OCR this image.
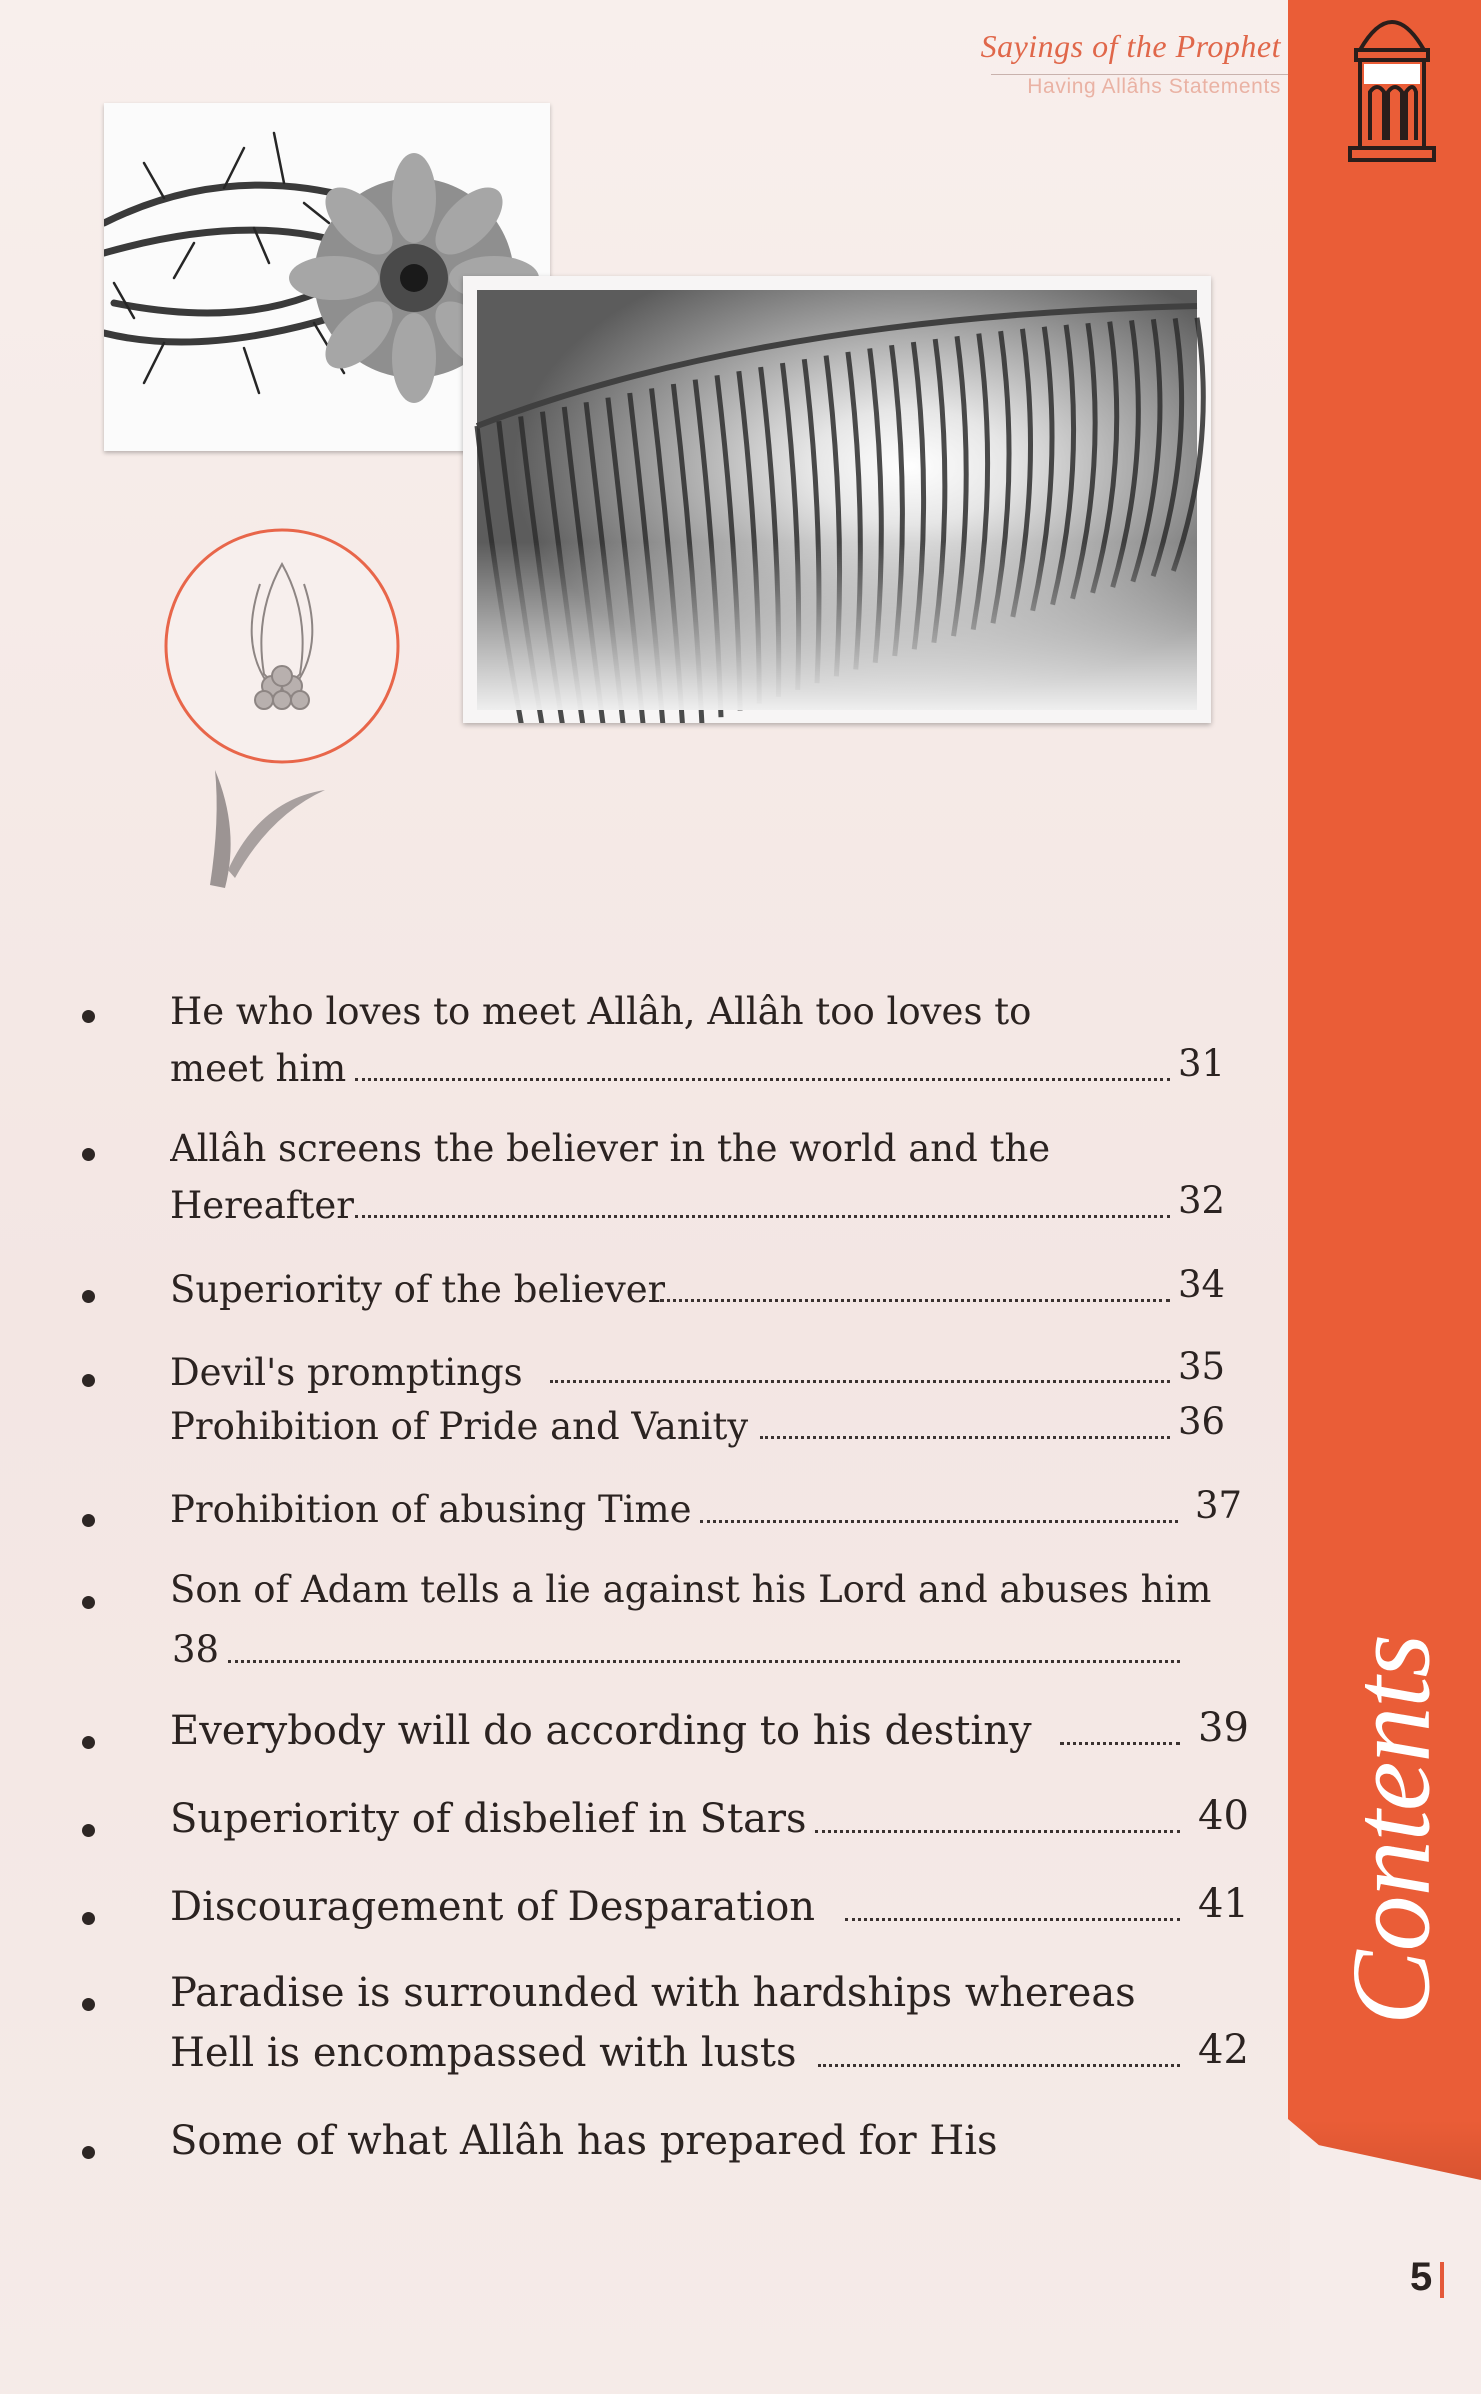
Sayings of the Prophet
Having Allâhs Statements
Contents
He who loves to meet Allâh, Allâh too loves to
meet him	31
Allâh screens the believer in the world and the
Hereafter	32
Superiority of the believer	34
Devil's promptings	35
Prohibition of Pride and Vanity	36
Prohibition of abusing Time	37
Son of Adam tells a lie against his Lord and abuses him
38
Everybody will do according to his destiny	39
Superiority of disbelief in Stars	40
Discouragement of Desparation	41
Paradise is surrounded with hardships whereas
Hell is encompassed with lusts	42
Some of what Allâh has prepared for His
5
